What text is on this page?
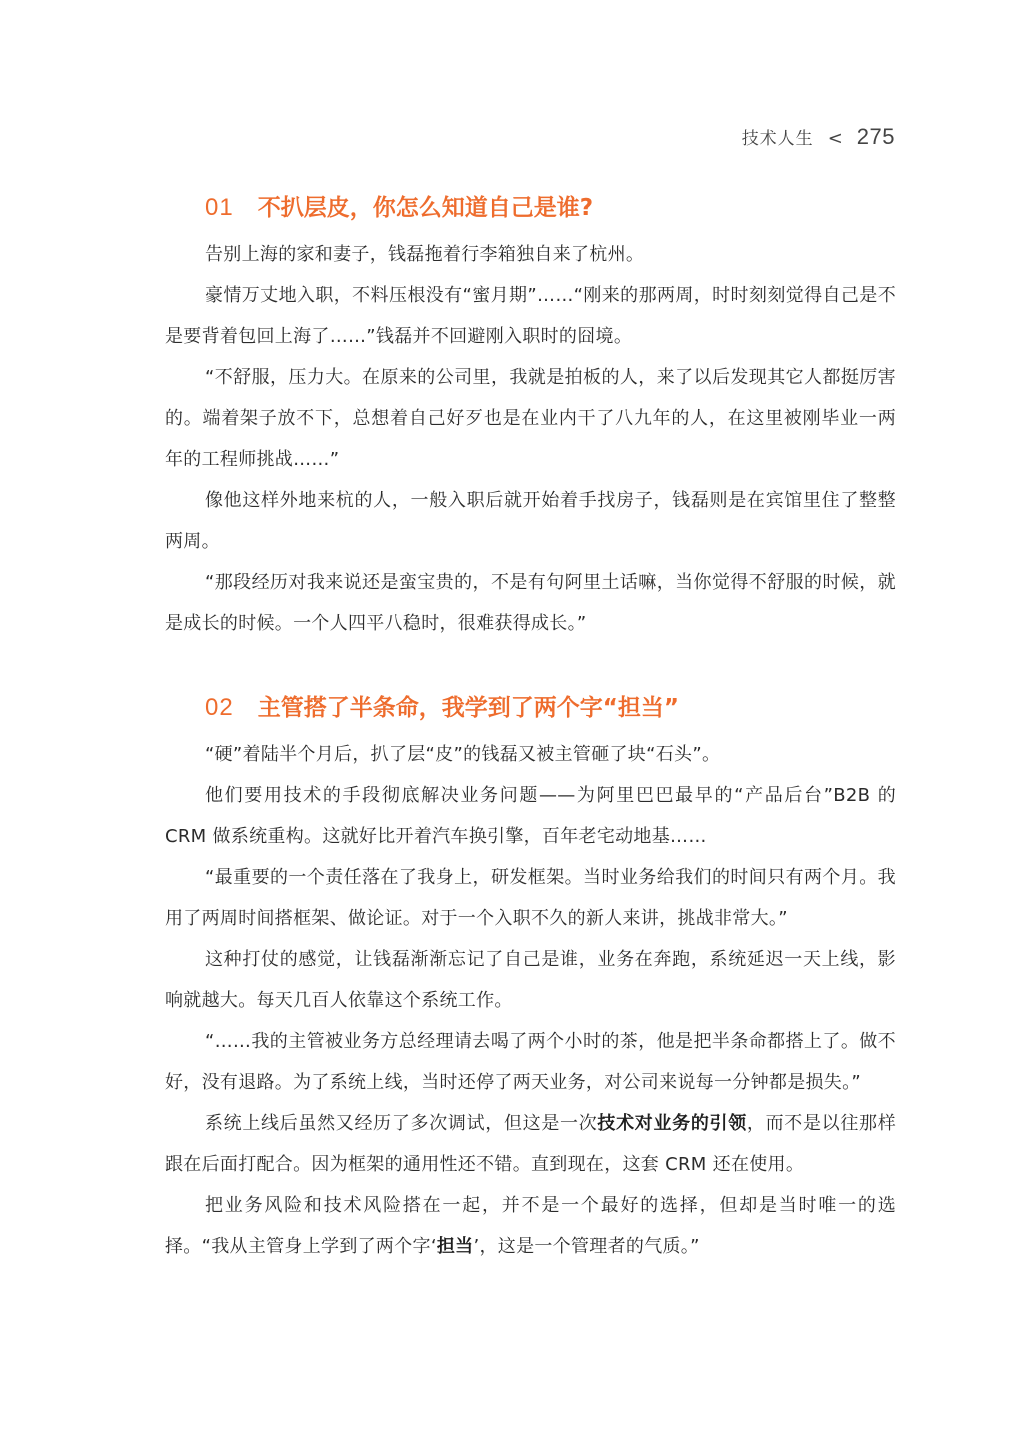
技术人生 < 275
01 不扒层皮，你怎么知道自己是谁?

告别上海的家和妻子，钱磊拖着行李箱独自来了杭州。

豪情万丈地入职，不料压根没有“蜜月期”……“刚来的那两周，时时刻刻觉得自己是不是要背着包回上海了……”钱磊并不回避刚入职时的囧境。

“不舒服，压力大。在原来的公司里，我就是拍板的人，来了以后发现其它人都挺厉害的。端着架子放不下，总想着自己好歹也是在业内干了八九年的人，在这里被刚毕业一两年的工程师挑战……”

像他这样外地来杭的人，一般入职后就开始着手找房子，钱磊则是在宾馆里住了整整两周。

“那段经历对我来说还是蛮宝贵的，不是有句阿里土话嘛，当你觉得不舒服的时候，就是成长的时候。一个人四平八稳时，很难获得成长。”

02 主管搭了半条命，我学到了两个字“担当”

“硬”着陆半个月后，扒了层“皮”的钱磊又被主管砸了块“石头”。

他们要用技术的手段彻底解决业务问题——为阿里巴巴最早的“产品后台”B2B 的 CRM 做系统重构。这就好比开着汽车换引擎，百年老宅动地基……

“最重要的一个责任落在了我身上，研发框架。当时业务给我们的时间只有两个月。我用了两周时间搭框架、做论证。对于一个入职不久的新人来讲，挑战非常大。”

这种打仗的感觉，让钱磊渐渐忘记了自己是谁，业务在奔跑，系统延迟一天上线，影响就越大。每天几百人依靠这个系统工作。

“……我的主管被业务方总经理请去喝了两个小时的茶，他是把半条命都搭上了。做不好，没有退路。为了系统上线，当时还停了两天业务，对公司来说每一分钟都是损失。”

系统上线后虽然又经历了多次调试，但这是一次技术对业务的引领，而不是以往那样跟在后面打配合。因为框架的通用性还不错。直到现在，这套 CRM 还在使用。

把业务风险和技术风险搭在一起，并不是一个最好的选择，但却是当时唯一的选择。“我从主管身上学到了两个字‘担当’，这是一个管理者的气质。”
